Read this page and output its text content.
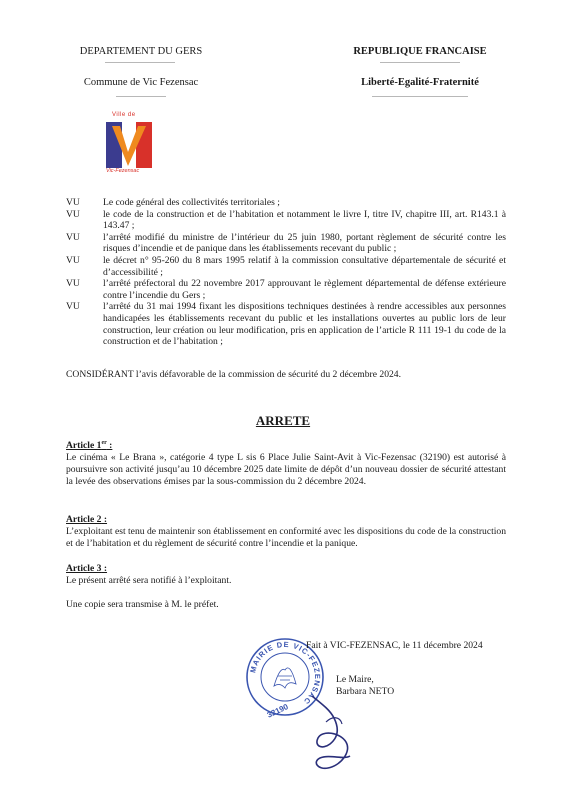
DEPARTEMENT DU GERS
Commune de Vic Fezensac
REPUBLIQUE FRANCAISE
Liberté-Egalité-Fraternité
Ville de
Vic-Fezensac
VU	Le code général des collectivités territoriales ;
VU	le code de la construction et de l’habitation et notamment le livre I, titre IV, chapitre III, art. R143.1 à 143.47 ;
VU	l’arrêté modifié du ministre de l’intérieur du 25 juin 1980, portant règlement de sécurité contre les risques d’incendie et de panique dans les établissements recevant du public ;
VU	le décret n° 95-260 du 8 mars 1995 relatif à la commission consultative départementale de sécurité et d’accessibilité ;
VU	l’arrêté préfectoral du 22 novembre 2017 approuvant le règlement départemental de défense extérieure contre l’incendie du Gers ;
VU	l’arrêté du 31 mai 1994 fixant les dispositions techniques destinées à rendre accessibles aux personnes handicapées les établissements recevant du public et les installations ouvertes au public lors de leur construction, leur création ou leur modification, pris en application de l’article R 111 19-1 du code de la construction et de l’habitation ;
CONSIDÉRANT l’avis défavorable de la commission de sécurité du 2 décembre 2024.
ARRETE
Article 1er :
Le cinéma « Le Brana », catégorie 4 type L sis 6 Place Julie Saint-Avit à Vic-Fezensac (32190) est autorisé à poursuivre son activité jusqu’au 10 décembre 2025 date limite de dépôt d’un nouveau dossier de sécurité attestant la levée des observations émises par la sous-commission du 2 décembre 2024.
Article 2 :
L’exploitant est tenu de maintenir son établissement en conformité avec les dispositions du code de la construction et de l’habitation et du règlement de sécurité contre l’incendie et la panique.
Article 3 :
Le présent arrêté sera notifié à l’exploitant.
Une copie sera transmise à M. le préfet.
MAIRIE DE VIC-FEZENSAC
32190
Fait à VIC-FEZENSAC, le 11 décembre 2024
Le Maire,
Barbara NETO
